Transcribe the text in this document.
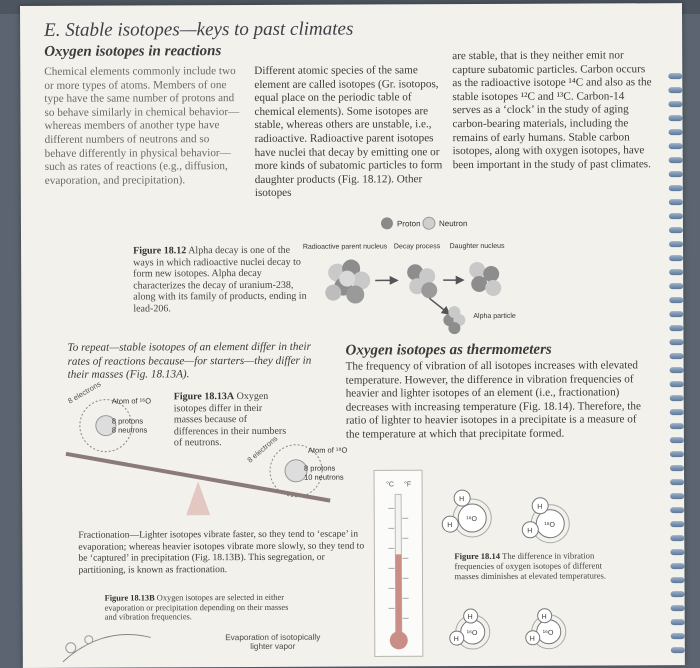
E. Stable isotopes—keys to past climates
Oxygen isotopes in reactions
Chemical elements commonly include two or more types of atoms. Members of one type have the same number of protons and so behave similarly in chemical behavior—whereas members of another type have different numbers of neutrons and so behave differently in physical behavior—such as rates of reactions (e.g., diffusion, evaporation, and precipitation).
Different atomic species of the same element are called isotopes (Gr. isotopos, equal place on the periodic table of chemical elements). Some isotopes are stable, whereas others are unstable, i.e., radioactive. Radioactive parent isotopes have nuclei that decay by emitting one or more kinds of subatomic particles to form daughter products (Fig. 18.12). Other isotopes
are stable, that is they neither emit nor capture subatomic particles. Carbon occurs as the radioactive isotope ¹⁴C and also as the stable isotopes ¹²C and ¹³C. Carbon-14 serves as a ‘clock’ in the study of aging carbon-bearing materials, including the remains of early humans. Stable carbon isotopes, along with oxygen isotopes, have been important in the study of past climates.
Figure 18.12 Alpha decay is one of the ways in which radioactive nuclei decay to form new isotopes. Alpha decay characterizes the decay of uranium-238, along with its family of products, ending in lead-206.
Proton Neutron
Radioactive parent nucleus Decay process Daughter nucleus
Alpha particle
To repeat—stable isotopes of an element differ in their rates of reactions because—for starters—they differ in their masses (Fig. 18.13A).
8 electrons Atom of ¹⁶O
8 protons
8 neutrons
8 electrons	Atom of ¹⁸O
8 protons
10 neutrons
Figure 18.13A Oxygen isotopes differ in their masses because of differences in their numbers of neutrons.
Oxygen isotopes as thermometers
The frequency of vibration of all isotopes increases with elevated temperature. However, the difference in vibration frequencies of heavier and lighter isotopes of an element (i.e., fractionation) decreases with increasing temperature (Fig. 18.14). Therefore, the ratio of lighter to heavier isotopes in a precipitate is a measure of the temperature at which that precipitate formed.
°C °F
H
H
¹⁸O
H
H
¹⁸O
H
H
¹⁶O
H
H
¹⁶O
Figure 18.14 The difference in vibration frequencies of oxygen isotopes of different masses diminishes at elevated temperatures.
Fractionation—Lighter isotopes vibrate faster, so they tend to ‘escape’ in evaporation; whereas heavier isotopes vibrate more slowly, so they tend to be ‘captured’ in precipitation (Fig. 18.13B). This segregation, or partitioning, is known as fractionation.
Figure 18.13B Oxygen isotopes are selected in either evaporation or precipitation depending on their masses and vibration frequencies.
Evaporation of isotopically lighter vapor
